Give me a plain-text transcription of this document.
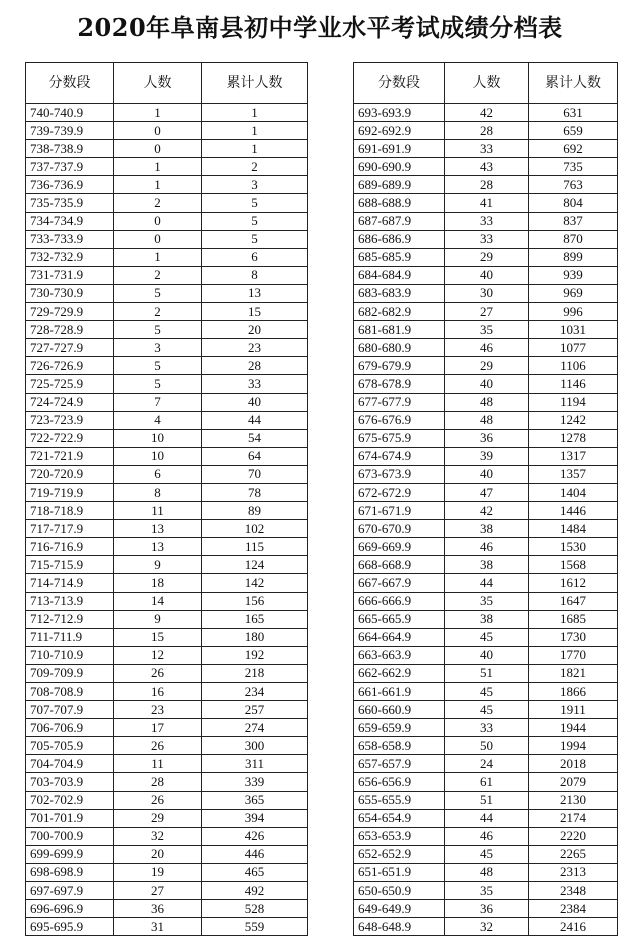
2020年阜南县初中学业水平考试成绩分档表
分数段	人数	累计人数
740-740.9	1	1
739-739.9	0	1
738-738.9	0	1
737-737.9	1	2
736-736.9	1	3
735-735.9	2	5
734-734.9	0	5
733-733.9	0	5
732-732.9	1	6
731-731.9	2	8
730-730.9	5	13
729-729.9	2	15
728-728.9	5	20
727-727.9	3	23
726-726.9	5	28
725-725.9	5	33
724-724.9	7	40
723-723.9	4	44
722-722.9	10	54
721-721.9	10	64
720-720.9	6	70
719-719.9	8	78
718-718.9	11	89
717-717.9	13	102
716-716.9	13	115
715-715.9	9	124
714-714.9	18	142
713-713.9	14	156
712-712.9	9	165
711-711.9	15	180
710-710.9	12	192
709-709.9	26	218
708-708.9	16	234
707-707.9	23	257
706-706.9	17	274
705-705.9	26	300
704-704.9	11	311
703-703.9	28	339
702-702.9	26	365
701-701.9	29	394
700-700.9	32	426
699-699.9	20	446
698-698.9	19	465
697-697.9	27	492
696-696.9	36	528
695-695.9	31	559
分数段	人数	累计人数
693-693.9	42	631
692-692.9	28	659
691-691.9	33	692
690-690.9	43	735
689-689.9	28	763
688-688.9	41	804
687-687.9	33	837
686-686.9	33	870
685-685.9	29	899
684-684.9	40	939
683-683.9	30	969
682-682.9	27	996
681-681.9	35	1031
680-680.9	46	1077
679-679.9	29	1106
678-678.9	40	1146
677-677.9	48	1194
676-676.9	48	1242
675-675.9	36	1278
674-674.9	39	1317
673-673.9	40	1357
672-672.9	47	1404
671-671.9	42	1446
670-670.9	38	1484
669-669.9	46	1530
668-668.9	38	1568
667-667.9	44	1612
666-666.9	35	1647
665-665.9	38	1685
664-664.9	45	1730
663-663.9	40	1770
662-662.9	51	1821
661-661.9	45	1866
660-660.9	45	1911
659-659.9	33	1944
658-658.9	50	1994
657-657.9	24	2018
656-656.9	61	2079
655-655.9	51	2130
654-654.9	44	2174
653-653.9	46	2220
652-652.9	45	2265
651-651.9	48	2313
650-650.9	35	2348
649-649.9	36	2384
648-648.9	32	2416
